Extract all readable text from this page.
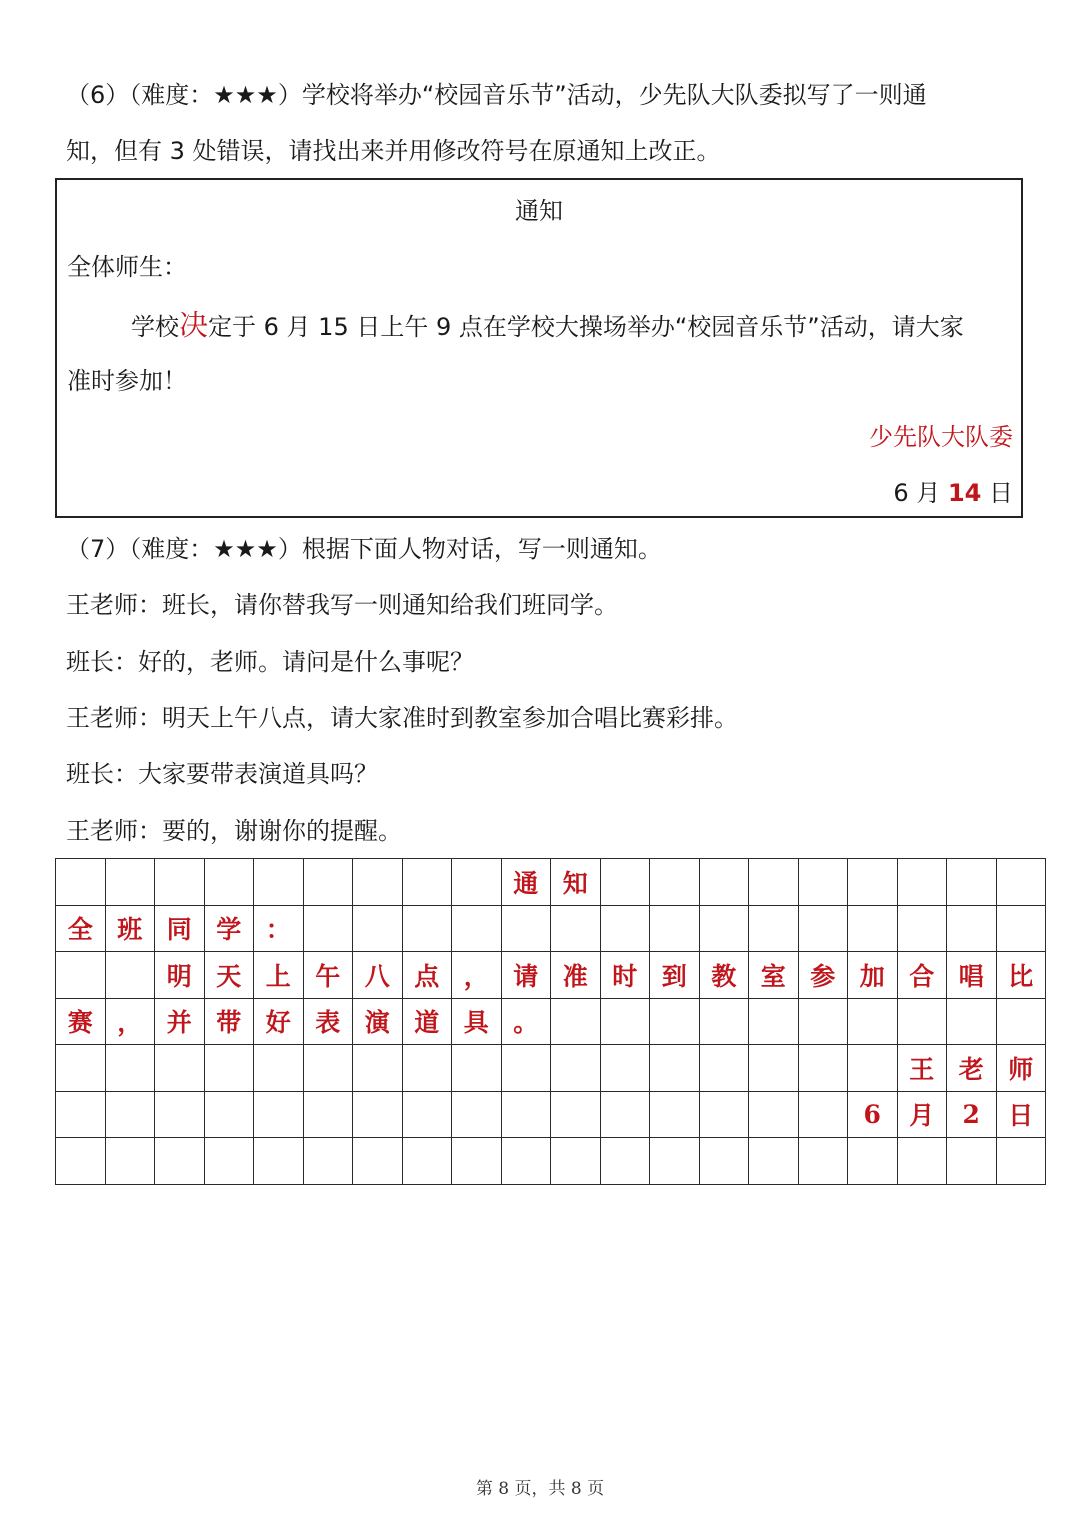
（6）（难度：★★★）学校将举办“校园音乐节”活动，少先队大队委拟写了一则通

知，但有 3 处错误，请找出来并用修改符号在原通知上改正。

通知

全体师生：

学校决定于 6 月 15 日上午 9 点在学校大操场举办“校园音乐节”活动，请大家

准时参加！

少先队大队委

6 月 14 日

（7）（难度：★★★）根据下面人物对话，写一则通知。

王老师：班长，请你替我写一则通知给我们班同学。

班长：好的，老师。请问是什么事呢？

王老师：明天上午八点，请大家准时到教室参加合唱比赛彩排。

班长：大家要带表演道具吗？

王老师：要的，谢谢你的提醒。

									通	知									
全	班	同	学	：															
		明	天	上	午	八	点	，	请	准	时	到	教	室	参	加	合	唱	比
赛	，	并	带	好	表	演	道	具	。										
																	王	老	师
																6	月	2	日

第 8 页，共 8 页
